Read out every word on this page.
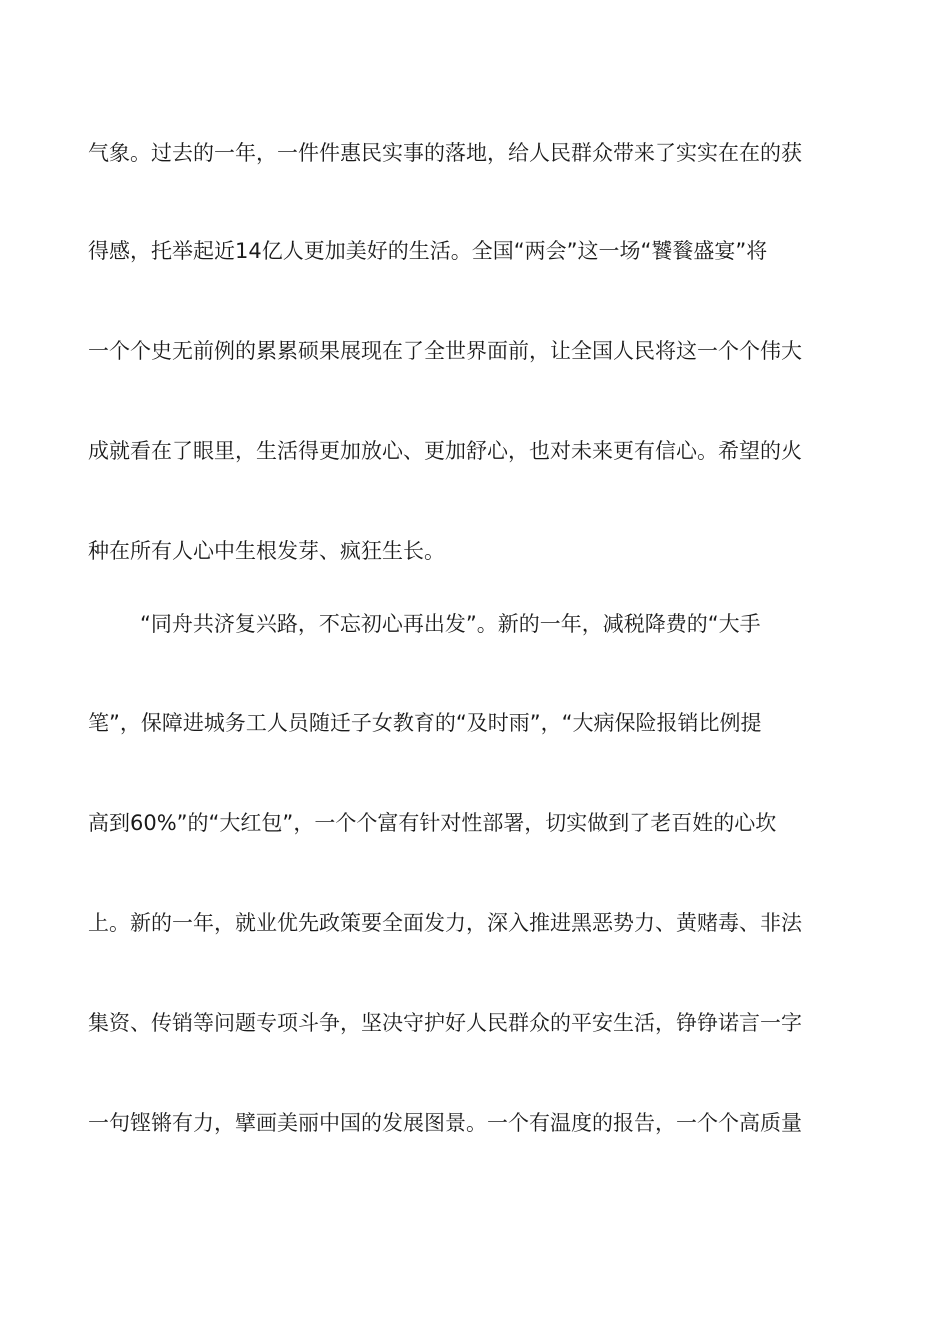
气象。过去的一年，一件件惠民实事的落地，给人民群众带来了实实在在的获
得感，托举起近14亿人更加美好的生活。全国“两会”这一场“饕餮盛宴”将
一个个史无前例的累累硕果展现在了全世界面前，让全国人民将这一个个伟大
成就看在了眼里，生活得更加放心、更加舒心，也对未来更有信心。希望的火
种在所有人心中生根发芽、疯狂生长。
“同舟共济复兴路，不忘初心再出发”。新的一年，减税降费的“大手
笔”，保障进城务工人员随迁子女教育的“及时雨”，“大病保险报销比例提
高到60%”的“大红包”，一个个富有针对性部署，切实做到了老百姓的心坎
上。新的一年，就业优先政策要全面发力，深入推进黑恶势力、黄赌毒、非法
集资、传销等问题专项斗争，坚决守护好人民群众的平安生活，铮铮诺言一字
一句铿锵有力，擘画美丽中国的发展图景。一个有温度的报告，一个个高质量
